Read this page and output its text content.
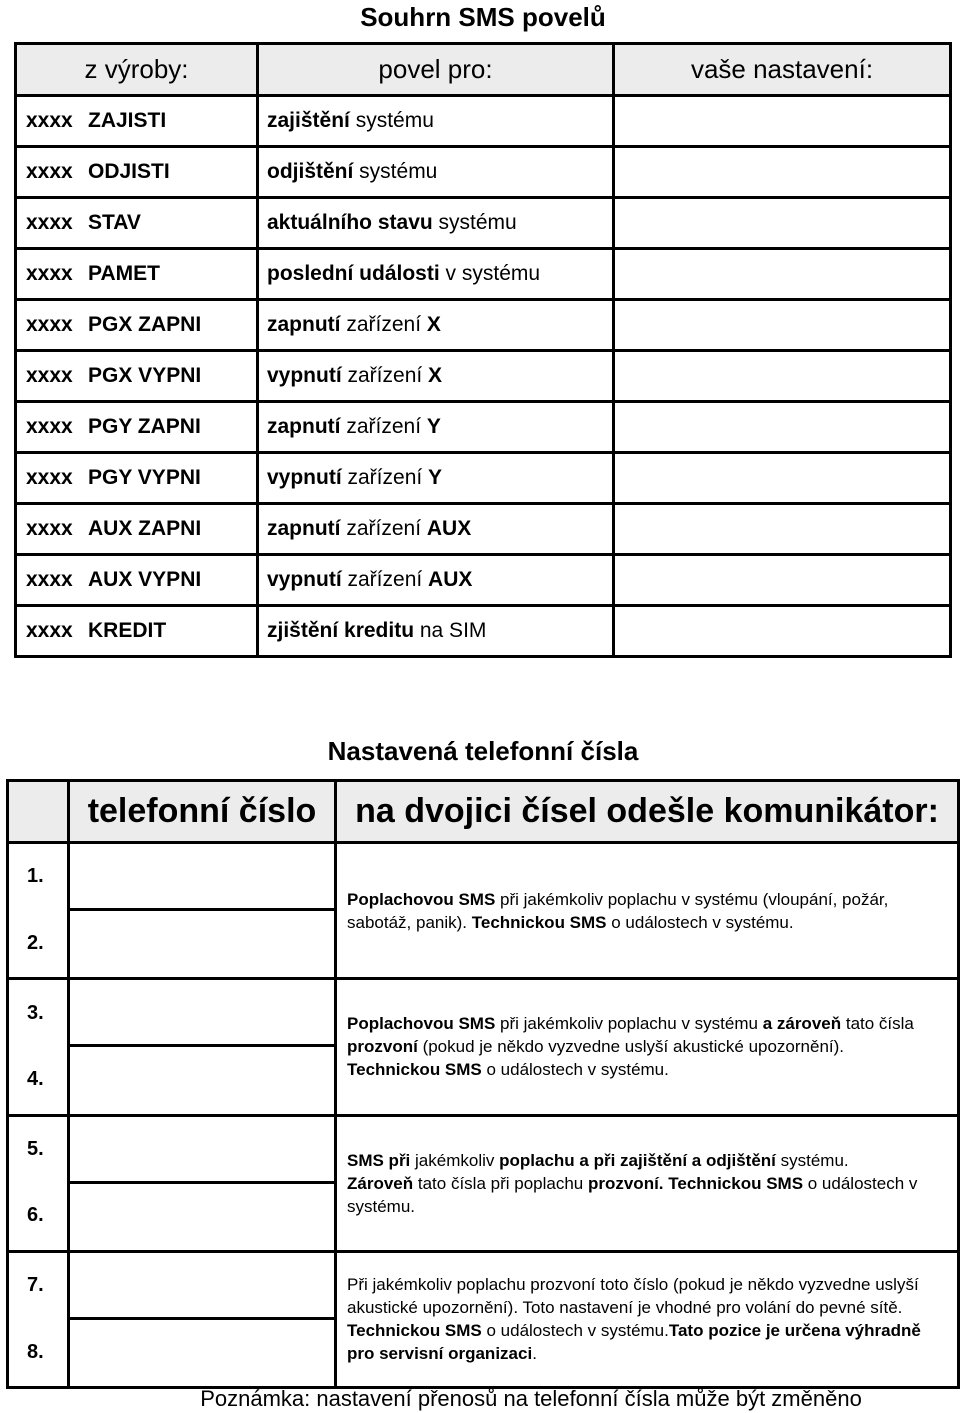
Souhrn SMS povelů
z výroby:	povel pro:	vaše nastavení:
xxxx ZAJISTI	zajištění systému	
xxxx ODJISTI	odjištění systému	
xxxx STAV	aktuálního stavu systému	
xxxx PAMET	poslední události v systému	
xxxx PGX ZAPNI	zapnutí zařízení X	
xxxx PGX VYPNI	vypnutí zařízení X	
xxxx PGY ZAPNI	zapnutí zařízení Y	
xxxx PGY VYPNI	vypnutí zařízení Y	
xxxx AUX ZAPNI	zapnutí zařízení AUX	
xxxx AUX VYPNI	vypnutí zařízení AUX	
xxxx KREDIT	zjištění kreditu na SIM	
Nastavená telefonní čísla
	telefonní číslo	na dvojici čísel odešle komunikátor:
1.		Poplachovou SMS při jakémkoliv poplachu v systému (vloupání, požár, sabotáž, panik). Technickou SMS o událostech v systému.
2.		
3.		Poplachovou SMS při jakémkoliv poplachu v systému a zároveň tato čísla prozvoní (pokud je někdo vyzvedne uslyší akustické upozornění).
Technickou SMS o událostech v systému.
4.		
5.		SMS při jakémkoliv poplachu a při zajištění a odjištění systému.
Zároveň tato čísla při poplachu prozvoní. Technickou SMS o událostech v systému.
6.		
7.		Při jakémkoliv poplachu prozvoní toto číslo (pokud je někdo vyzvedne uslyší akustické upozornění). Toto nastavení je vhodné pro volání do pevné sítě.
Technickou SMS o událostech v systému.Tato pozice je určena výhradně pro servisní organizaci.
8.		
Poznámka: nastavení přenosů na telefonní čísla může být změněno
